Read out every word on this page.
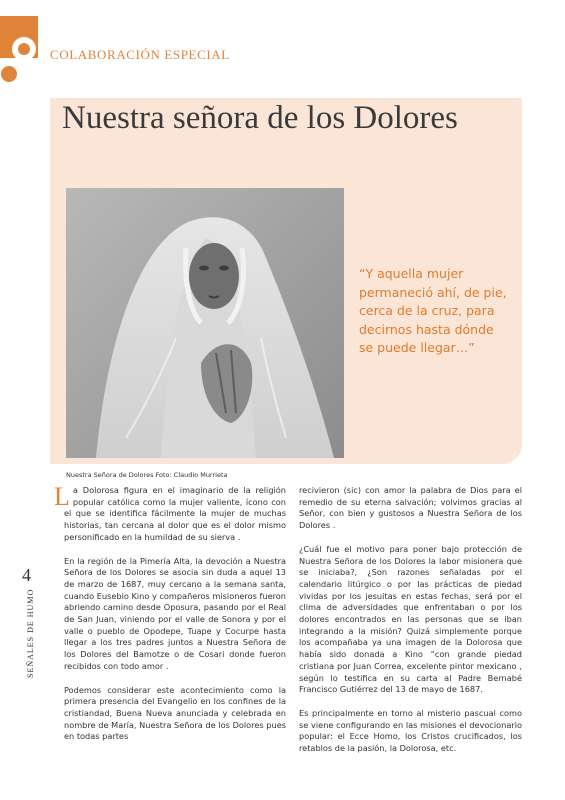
COLABORACIÓN ESPECIAL
Nuestra señora de los Dolores
“Y aquella mujer permaneció ahí, de pie, cerca de la cruz, para decirnos hasta dónde se puede llegar…”
Nuestra Señora de Dolores Foto: Claudio Murrieta
4
SEÑALES DE HUMO

La Dolorosa figura en el imaginario de la religión popular católica como la mujer valiente, ícono con el que se identifica fácilmente la mujer de muchas historias, tan cercana al dolor que es el dolor mismo personificado en la humildad de su sierva .

En la región de la Pimería Alta, la devoción a Nuestra Señora de los Dolores se asocia sin duda a aquel 13 de marzo de 1687, muy cercano a la semana santa, cuando Eusebio Kino y compañeros misioneros fueron abriendo camino desde Oposura, pasando por el Real de San Juan, viniendo por el valle de Sonora y por el valle o pueblo de Opodepe, Tuape y Cocurpe hasta llegar a los tres padres juntos a Nuestra Señora de los Dolores del Bamotze o de Cosari donde fueron recibidos con todo amor .

Podemos considerar este acontecimiento como la primera presencia del Evangelio en los confines de la cristiandad, Buena Nueva anunciada y celebrada en nombre de María, Nuestra Señora de los Dolores pues en todas partes

recivieron (sic) con amor la palabra de Dios para el remedio de su eterna salvación; volvimos gracias al Señor, con bien y gustosos a Nuestra Señora de los Dolores .

¿Cuál fue el motivo para poner bajo protección de Nuestra Señora de los Dolores la labor misionera que se iniciaba?, ¿Son razones señaladas por el calendario litúrgico o por las prácticas de piedad vividas por los jesuitas en estas fechas, será por el clima de adversidades que enfrentaban o por los dolores encontrados en las personas que se iban integrando a la misión? Quizá simplemente porque los acompañaba ya una imagen de la Dolorosa que había sido donada a Kino “con grande piedad cristiana por Juan Correa, excelente pintor mexicano , según lo testifica en su carta al Padre Bernabé Francisco Gutiérrez del 13 de mayo de 1687.

Es principalmente en torno al misterio pascual como se viene configurando en las misiones el devocionario popular: el Ecce Homo, los Cristos crucificados, los retablos de la pasión, la Dolorosa, etc.
